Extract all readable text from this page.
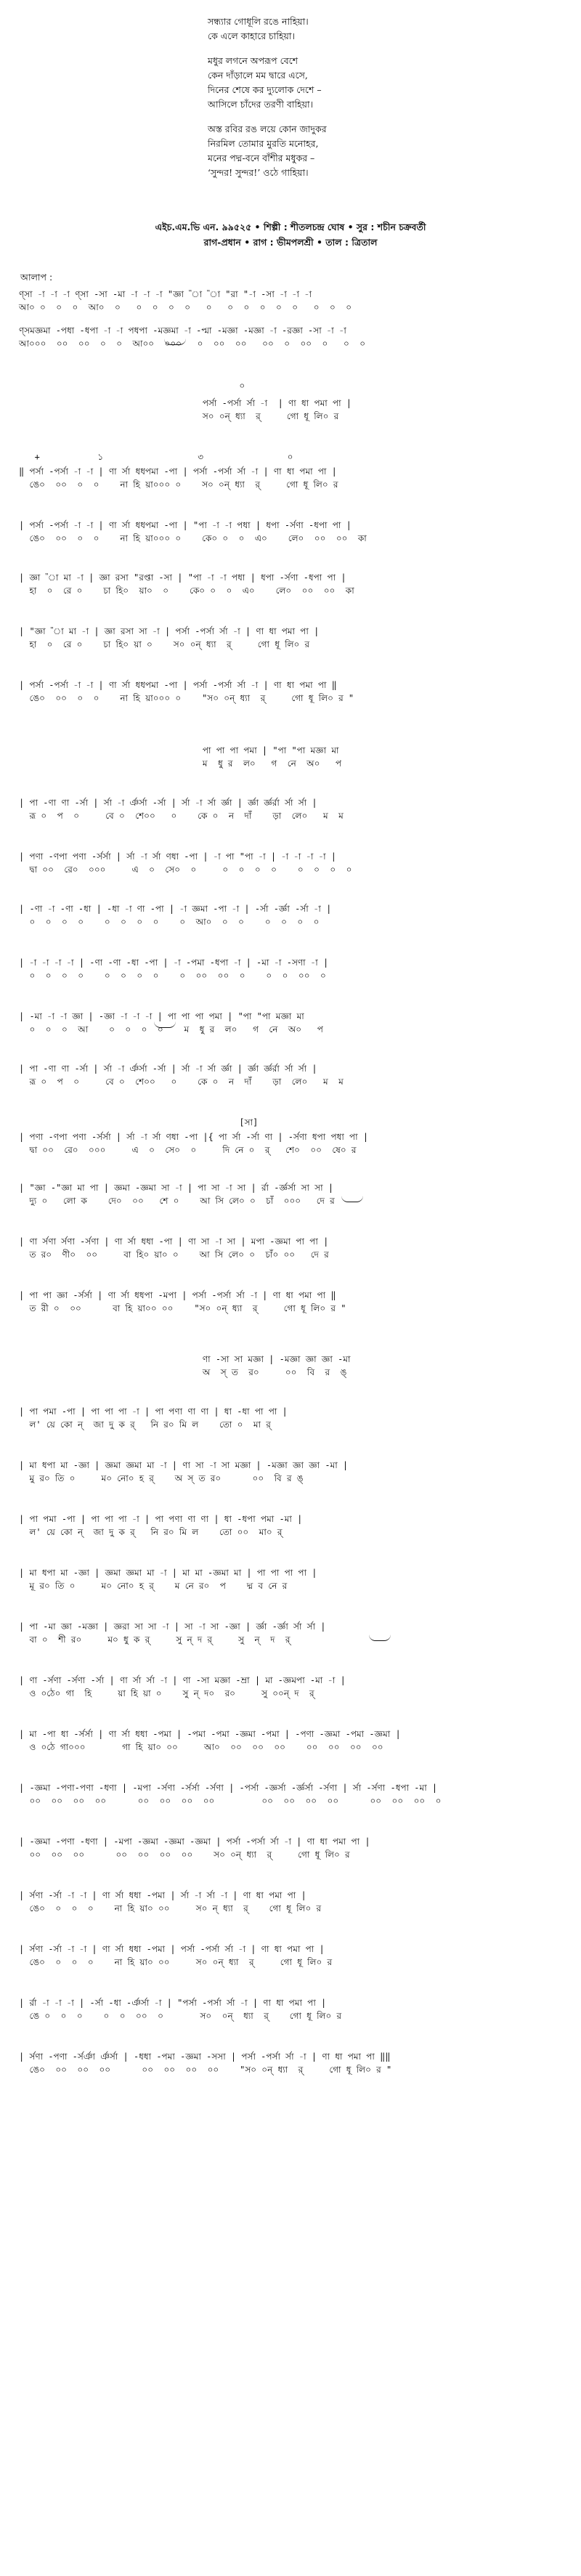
সন্ধ্যার গোধূলি রঙে নাহিয়া।
কে এলে কাহারে চাহিয়া।
মধুর লগনে অপরূপ বেশে
কেন দাঁড়ালে মম দ্বারে এসে,
দিনের শেষে কর দ্যুলোক দেশে –
আসিলে চাঁদের তরণী বাহিয়া।
অস্ত রবির রঙ লয়ে কোন জাদুকর
নিরমিল তোমার মুরতি মনোহর,
মনের পদ্ম-বনে বাঁশীর মধুকর –
‘সুন্দর! সুন্দর!’ ওঠে গাহিয়া।
এইচ.এম.ভি এন. ৯৯৫২৫ • শিল্পী : শীতলচন্দ্র ঘোষ • সুর : শচীন চক্রবর্তী
রাগ-প্রধান • রাগ : ভীমপলশ্রী • তাল : ত্রিতাল
আলাপ :
ণ্সা -া -া -া ণ্সা -সা -মা -া -া -া "জ্ঞা "া "া "রা "-া -সা -া -া -া
আ০ ০  ০  ০  আ০  ০   ০  ০  ০  ০   ০   ০  ০  ০  ০  ০   ০  ০  ০
ণ্সমজ্ঞমা -পধা -ধপা -া -া পধপা -মজ্ঞমা -া -প্মা -মজ্ঞা -মজ্ঞা -া -রজ্ঞা -সা -া -া
আ০০০  ০০  ০০  ০  ০  আ০০  ০০০   ০  ০০  ০০   ০০  ০  ০০  ০   ০  ০
০
পর্সা -পর্সা র্সা -া  | ণা ধা পমা পা |
স০ ০ন্ ধ্যা  র্     গো ধূ লি০ র
+           ১                  ৩                ০
‖ পর্সা -পর্সা -া -া | ণা র্সা ধধপমা -পা | পর্সা -পর্সা র্সা -া | ণা ধা পমা পা |
ঙে০  ০০  ০  ০    না হি য়া০০০ ০    স০ ০ন্ ধ্যা  র্     গো ধূ লি০ র
| পর্সা -পর্সা -া -া | ণা র্সা ধধপমা -পা | "পা -া -া পধা | ধপা -র্সণা -ধপা পা |
ঙে০  ০০  ০  ০    না হি য়া০০০ ০    কে০ ০  ০  এ০    লে০  ০০  ০০  কা
| জ্ঞা "া মা -া | জ্ঞা রসা "রপ্তা -সা | "পা -া -া পধা | ধপা -র্সণা -ধপা পা |
হা  ০  রে ০    চা হি০  য়া০  ০    কে০ ০  ০  এ০    লে০  ০০  ০০  কা
| "জ্ঞা "া মা -া | জ্ঞা রসা সা -া | পর্সা -পর্সা র্সা -া | ণা ধা পমা পা |
হা  ০  রে ০    চা হি০ য়া ০    স০ ০ন্ ধ্যা  র্     গো ধূ লি০ র
| পর্সা -পর্সা -া -া | ণা র্সা ধধপমা -পা | পর্সা -পর্সা র্সা -া | ণা ধা পমা পা ‖
ঙে০  ০০  ০  ০    না হি য়া০০০ ০    "স০ ০ন্ ধ্যা  র্     গো ধূ লি০ র "
পা পা পা পমা | "পা "পা মজ্ঞা মা
ম  ধু র  ল০   গ  নে  অ০   প
| পা -ণা ণা -র্সা | র্সা -া র্ঞর্সা -র্সা | র্সা -া র্সা র্জ্ঞা | র্জ্ঞা র্জ্ঞর্রা র্সা র্সা |
রূ ০  প  ০     বে ০  শে০০   ০    কে ০  ন  দাঁ    ড়া  লে০   ম  ম
| পণা -ণপা পণা -র্সর্সা | র্সা -া র্সা ণধা -পা | -া পা "পা -া | -া -া -া -া |
দ্বা ০০  রে০  ০০০     এ  ০  সে০  ০     ০  ০  ০  ০    ০  ০  ০  ০
| -ণা -া -ণা -ধা | -ধা -া ণা -পা | -া জ্ঞমা -পা -া | -র্সা -র্জ্ঞা -র্সা -া |
০  ০  ০  ০    ০  ০  ০  ০    ০  আ০  ০  ০    ০  ০  ০  ০
| -া -া -া -া | -ণা -ণা -ধা -পা | -া -পমা -ধপা -া | -মা -া -সণা -া |
০  ০  ০  ০    ০  ০  ০  ০    ০  ০০  ০০  ০    ০  ০  ০০  ০
| -মা -া -া জ্ঞা | -জ্ঞা -া -া -া | পা পা পা পমা | "পা "পা মজ্ঞা মা
০  ০  ০  আ    ০  ০  ০  ০    ম  ধু র  ল০   গ  নে  অ০   প
| পা -ণা ণা -র্সা | র্সা -া র্ঞর্সা -র্সা | র্সা -া র্সা র্জ্ঞা | র্জ্ঞা র্জ্ঞর্রা র্সা র্সা |
রূ ০  প  ০     বে ০  শে০০   ০    কে ০  ন  দাঁ    ড়া  লে০   ম  ম
[সা]
| পণা -ণপা পণা -র্সর্সা | র্সা -া র্সা ণধা -পা |{ পা র্সা -র্সা ণা | -র্সণা ধপা পধা পা |
দ্বা ০০  রে০  ০০০     এ  ০  সে০  ০     দি নে ০  র্   শে০  ০০  ষে০ র
| "জ্ঞা -"জ্ঞা মা পা | জ্ঞমা -জ্ঞমা সা -া | পা সা -া সা | র্রা -র্জ্ঞর্সা সা সা |
দ্যু ০   লো ক    দে০  ০০   শে ০    আ সি লে০ ০  চাঁ  ০০০   দে র
| ণা র্সণা র্সণা -র্সণা | ণা র্সা ধধা -পা | ণা সা -া সা | মপা -জ্ঞমা পা পা |
ত র০  ণী০  ০০     বা হি০ য়া০ ০    আ সি লে০ ০  চাঁ০ ০০   দে র
| পা পা জ্ঞা -র্সর্সা | ণা র্সা ধধপা -মপা | পর্সা -পর্সা র্সা -া | ণা ধা পমা পা ‖
ত রী ০  ০০      বা হি য়া০০ ০০    "স০ ০ন্ ধ্যা  র্     গো ধূ লি০ র "
ণা -সা সা মজ্ঞা | -মজ্ঞা জ্ঞা জ্ঞা -মা
অ  স্ ত  র০     ০০  বি  র  ঙ্
| পা পমা -পা | পা পা পা -া | পা পণা ণা ণা | ধা -ধা পা পা |
ল' য়ে কো ন্  জা দু ক র্   নি র০ মি ল    তো ০  মা র্
| মা ধপা মা -জ্ঞা | জ্ঞমা জ্ঞমা মা -া | ণা সা -া সা মজ্ঞা | -মজ্ঞা জ্ঞা জ্ঞা -মা |
মু র০ তি ০     ম০ নো০ হ র্    অ স্ ত র০      ০০  বি র ঙ্
| পা পমা -পা | পা পা পা -া | পা পণা ণা ণা | ধা -ধপা পমা -মা |
ল' য়ে কো ন্  জা দু ক র্   নি র০ মি ল    তো ০০  মা০ র্
| মা ধপা মা -জ্ঞা | জ্ঞমা জ্ঞমা মা -া | মা মা -জ্ঞমা মা | পা পা পা পা |
মূ র০ তি ০     ম০ নো০ হ র্    ম নে র০  প    দ্ম ব নে র
| পা -মা জ্ঞা -মজ্ঞা | জ্ঞরা সা সা -া | সা -া সা -জ্ঞা | র্জ্ঞা -র্জ্ঞা র্সা র্সা |
বা ০  শী র০     ম০ ধু ক র্     সু ন্ দ র্     সু  ন্  দ  র্
| ণা -র্সণা -র্সণা -র্সা | ণা র্সা র্সা -া | ণা -সা মজ্ঞা -ম্রা | মা -জ্ঞমপা -মা -া |
ও ০ঠে০ গা  হি     য়া হি য়া ০    সু ন্ দ০  র০     সু ০০ন্ দ  র্
| মা -পা ধা -র্সর্সা | ণা র্সা ধধা -পমা | -পমা -পমা -জ্ঞমা -পমা | -পণা -জ্ঞমা -পমা -জ্ঞমা |
ও ০ঠে গা০০০       গা হি য়া০ ০০     আ০  ০০  ০০  ০০    ০০  ০০  ০০  ০০
| -জ্ঞমা -পণা-পণা -ধণা | -মপা -র্সণা -র্সর্সা -র্সণা | -পর্সা -জ্ঞর্সা -র্জ্ঞর্সা -র্সণা | র্সা -র্সণা -ধপা -মা |
০০  ০০  ০০  ০০      ০০  ০০  ০০  ০০         ০০  ০০  ০০  ০০      ০০  ০০  ০০  ০
| -জ্ঞমা -পণা -ধণা | -মপা -জ্ঞমা -জ্ঞমা -জ্ঞমা | পর্সা -পর্সা র্সা -া | ণা ধা পমা পা |
০০  ০০  ০০      ০০  ০০  ০০  ০০    স০ ০ন্ ধ্যা  র্     গো ধূ লি০ র
| র্সণা -র্সা -া -া | ণা র্সা ধধা -পমা | র্সা -া র্সা -া | ণা ধা পমা পা |
ঙে০  ০  ০  ০    না হি য়া০ ০০     স০ ন্ ধ্যা  র্    গো ধূ লি০ র
| র্সণা -র্সা -া -া | ণা র্সা ধধা -পমা | পর্সা -পর্সা র্সা -া | ণা ধা পমা পা |
ঙে০  ০  ০  ০    না হি য়া০ ০০     স০ ০ন্ ধ্যা  র্     গো ধূ লি০ র
| র্রা -া -া -া | -র্সা -ধা -র্ঞর্সা -া | "পর্সা -পর্সা র্সা -া | ণা ধা পমা পা |
ঙে ০  ০  ০    ০  ০  ০০  ০       স০  ০ন্  ধ্যা  র্    গো ধূ লি০ র
| র্সণা -পণা -র্সর্ঞা র্ঞর্সা | -ধধা -পমা -জ্ঞমা -সসা | পর্সা -পর্সা র্সা -া | ণা ধা পমা পা ‖‖
ঙে০  ০০  ০০  ০০      ০০  ০০  ০০  ০০    "স০ ০ন্ ধ্যা  র্     গো ধূ লি০ র "
